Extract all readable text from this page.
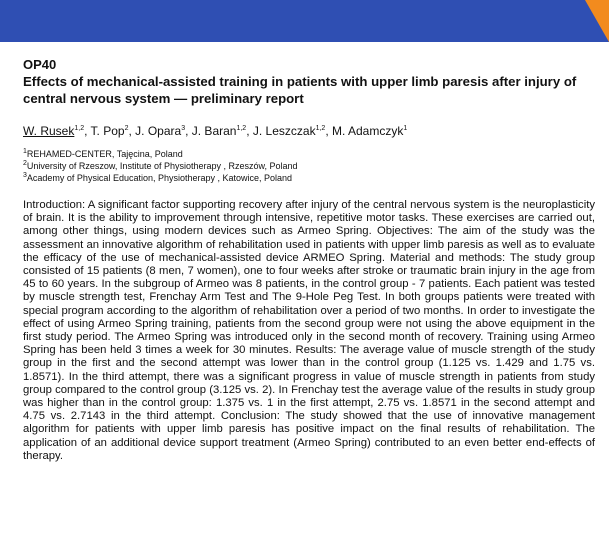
OP40

Effects of mechanical-assisted training in patients with upper limb paresis after injury of central nervous system — preliminary report

W. Rusek$^{1,2}$, T. Pop$^2$, J. Opara$^3$, J. Baran$^{1,2}$, J. Leszczak$^{1,2}$, M. Adamczyk$^1$
$^1$REHAMED-CENTER, Tajęcina, Poland
$^2$University of Rzeszow, Institute of Physiotherapy , Rzeszów, Poland
$^3$Academy of Physical Education, Physiotherapy , Katowice, Poland
Introduction: A significant factor supporting recovery after injury of the central nervous system is the neuroplasticity of brain. It is the ability to improvement through intensive, repetitive motor tasks. These exercises are carried out, among other things, using modern devices such as Armeo Spring. Objectives: The aim of the study was the assessment an innovative algorithm of rehabilitation used in patients with upper limb paresis as well as to evaluate the efficacy of the use of mechanical-assisted device ARMEO Spring. Material and methods: The study group consisted of 15 patients (8 men, 7 women), one to four weeks after stroke or traumatic brain injury in the age from 45 to 60 years. In the subgroup of Armeo was 8 patients, in the control group - 7 patients. Each patient was tested by muscle strength test, Frenchay Arm Test and The 9-Hole Peg Test. In both groups patients were treated with special program according to the algorithm of rehabilitation over a period of two months. In order to investigate the effect of using Armeo Spring training, patients from the second group were not using the above equipment in the first study period. The Armeo Spring was introduced only in the second month of recovery. Training using Armeo Spring has been held 3 times a week for 30 minutes. Results: The average value of muscle strength of the study group in the first and the second attempt was lower than in the control group (1.125 vs. 1.429 and 1.75 vs. 1.8571). In the third attempt, there was a significant progress in value of muscle strength in patients from study group compared to the control group (3.125 vs. 2). In Frenchay test the average value of the results in study group was higher than in the control group: 1.375 vs. 1 in the first attempt, 2.75 vs. 1.8571 in the second attempt and 4.75 vs. 2.7143 in the third attempt. Conclusion: The study showed that the use of innovative management algorithm for patients with upper limb paresis has positive impact on the final results of rehabilitation. The application of an additional device support treatment (Armeo Spring) contributed to an even better end-effects of therapy.
